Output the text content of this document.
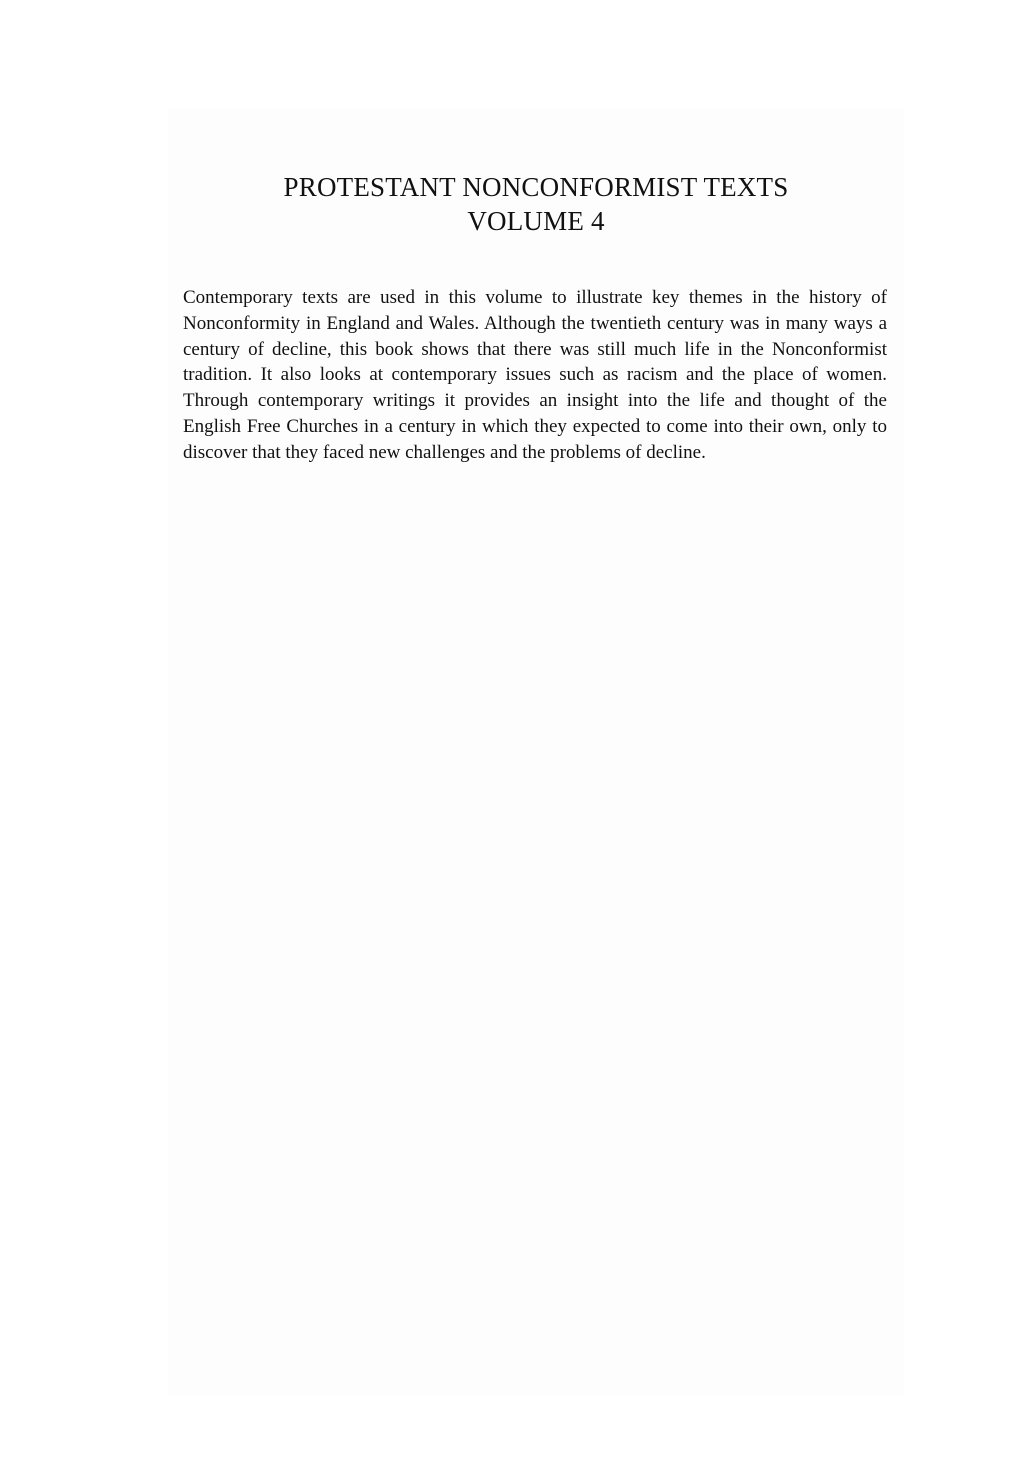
PROTESTANT NONCONFORMIST TEXTS
VOLUME 4

Contemporary texts are used in this volume to illustrate key themes in the history of Nonconformity in England and Wales. Although the twentieth century was in many ways a century of decline, this book shows that there was still much life in the Nonconformist tradition. It also looks at contemporary issues such as racism and the place of women. Through contemporary writings it provides an insight into the life and thought of the English Free Churches in a century in which they expected to come into their own, only to discover that they faced new challenges and the problems of decline.
